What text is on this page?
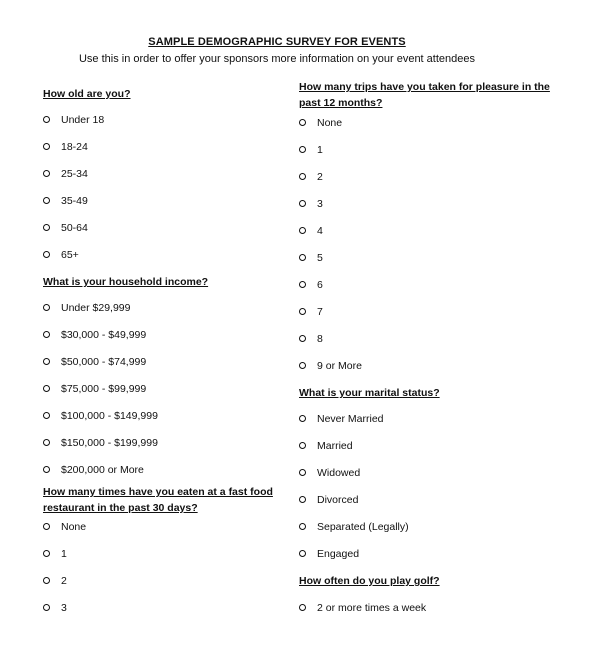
SAMPLE DEMOGRAPHIC SURVEY FOR EVENTS
Use this in order to offer your sponsors more information on your event attendees
How old are you?
Under 18
18-24
25-34
35-49
50-64
65+
What is your household income?
Under $29,999
$30,000 - $49,999
$50,000 - $74,999
$75,000 - $99,999
$100,000 - $149,999
$150,000 - $199,999
$200,000 or More
How many times have you eaten at a fast food restaurant in the past 30 days?
None
1
2
3
How many trips have you taken for pleasure in the past 12 months?
None
1
2
3
4
5
6
7
8
9 or More
What is your marital status?
Never Married
Married
Widowed
Divorced
Separated (Legally)
Engaged
How often do you play golf?
2 or more times a week
